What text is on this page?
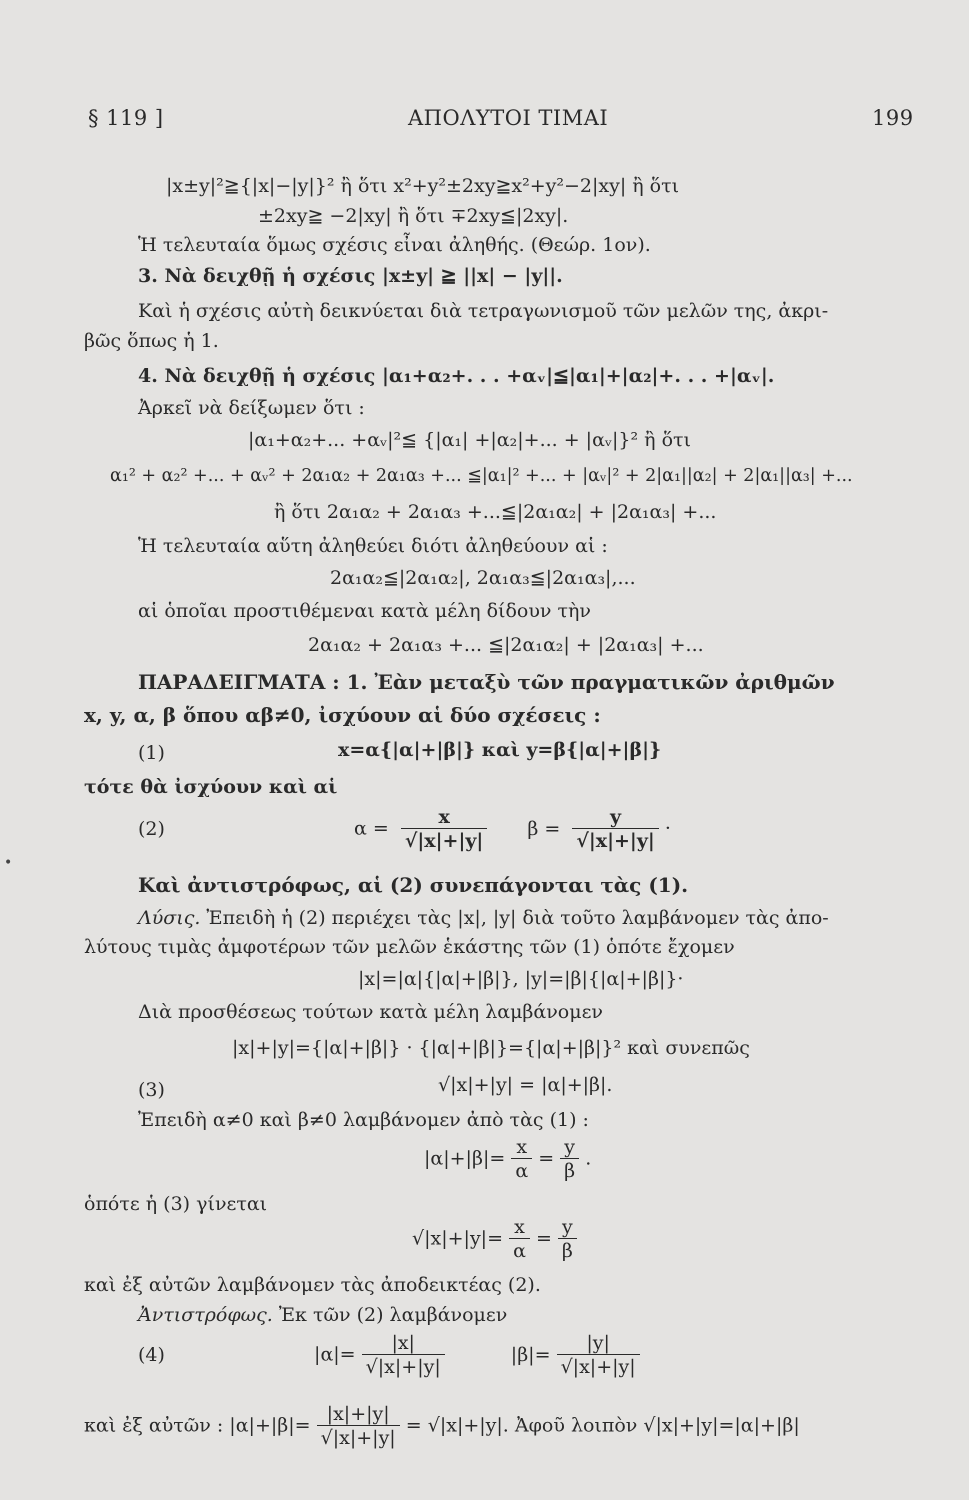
§ 119 ]	ΑΠΟΛΥΤΟΙ ΤΙΜΑΙ	199
|x±y|²≧{|x|−|y|}² ἢ ὅτι x²+y²±2xy≧x²+y²−2|xy| ἢ ὅτι
±2xy≧ −2|xy| ἢ ὅτι ∓2xy≦|2xy|.
Ἡ τελευταία ὅμως σχέσις εἶναι ἀληθής. (Θεώρ. 1ον).
3. Νὰ δειχθῇ ἡ σχέσις |x±y| ≧ ||x| − |y||.
Καὶ ἡ σχέσις αὐτὴ δεικνύεται διὰ τετραγωνισμοῦ τῶν μελῶν της, ἀκρι-
βῶς ὅπως ἡ 1.
4. Νὰ δειχθῇ ἡ σχέσις |α₁+α₂+. . . +αᵥ|≦|α₁|+|α₂|+. . . +|αᵥ|.
Ἀρκεῖ νὰ δείξωμεν ὅτι :
|α₁+α₂+... +αᵥ|²≦ {|α₁| +|α₂|+... + |αᵥ|}² ἢ ὅτι
α₁² + α₂² +... + αᵥ² + 2α₁α₂ + 2α₁α₃ +... ≦|α₁|² +... + |αᵥ|² + 2|α₁||α₂| + 2|α₁||α₃| +...
ἢ ὅτι 2α₁α₂ + 2α₁α₃ +...≦|2α₁α₂| + |2α₁α₃| +...
Ἡ τελευταία αὕτη ἀληθεύει διότι ἀληθεύουν αἱ :
2α₁α₂≦|2α₁α₂|, 2α₁α₃≦|2α₁α₃|,...
αἱ ὁποῖαι προστιθέμεναι κατὰ μέλη δίδουν τὴν
2α₁α₂ + 2α₁α₃ +... ≦|2α₁α₂| + |2α₁α₃| +...
ΠΑΡΑΔΕΙΓΜΑΤΑ : 1. Ἐὰν μεταξὺ τῶν πραγματικῶν ἀριθμῶν
x, y, α, β ὅπου αβ≠0, ἰσχύουν αἱ δύο σχέσεις :
(1)	x=α{|α|+|β|} καὶ y=β{|α|+|β|}
τότε θὰ ἰσχύουν καὶ αἱ
(2)	$\alpha = \frac{x}{√|x|+|y|}$ $\beta = \frac{y}{√|x|+|y|}$ ·
Καὶ ἀντιστρόφως, αἱ (2) συνεπάγονται τὰς (1).
Λύσις. Ἐπειδὴ ἡ (2) περιέχει τὰς |x|, |y| διὰ τοῦτο λαμβάνομεν τὰς ἀπο-
λύτους τιμὰς ἀμφοτέρων τῶν μελῶν ἑκάστης τῶν (1) ὁπότε ἔχομεν
|x|=|α|{|α|+|β|}, |y|=|β|{|α|+|β|}·
Διὰ προσθέσεως τούτων κατὰ μέλη λαμβάνομεν
|x|+|y|={|α|+|β|} · {|α|+|β|}={|α|+|β|}² καὶ συνεπῶς
(3)	√|x|+|y| = |α|+|β|.
Ἐπειδὴ α≠0 καὶ β≠0 λαμβάνομεν ἀπὸ τὰς (1) :
$|\alpha|+|\beta|= \frac{x}{\alpha} = \frac{y}{\beta}$ .
ὁπότε ἡ (3) γίνεται
$√|x|+|y|= \frac{x}{\alpha} = \frac{y}{\beta}$
καὶ ἐξ αὐτῶν λαμβάνομεν τὰς ἀποδεικτέας (2).
Ἀντιστρόφως. Ἐκ τῶν (2) λαμβάνομεν
(4)	$|\alpha|= \frac{|x|}{√|x|+|y|}$	$|\beta|= \frac{|y|}{√|x|+|y|}$
καὶ ἐξ αὐτῶν : $|\alpha|+|\beta|= \frac{|x|+|y|}{√|x|+|y|} = √|x|+|y|$. Ἀφοῦ λοιπὸν √|x|+|y|=|α|+|β|
•
